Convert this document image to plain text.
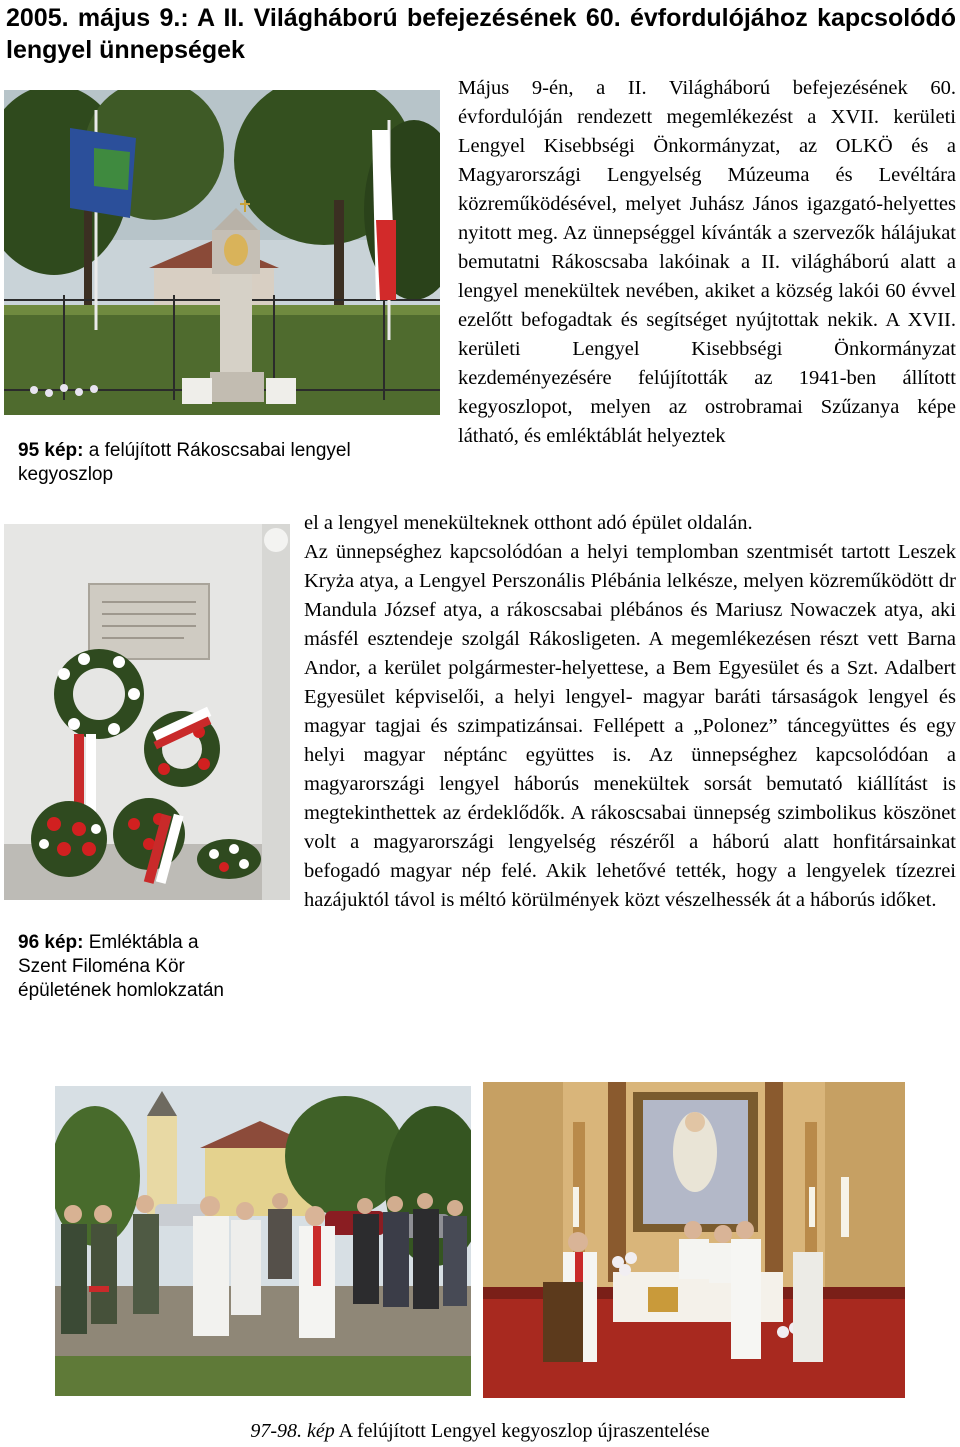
2005. május 9.: A II. Világháború befejezésének 60. évfordulójához kapcsolódó lengyel ünnepségek
95 kép: a felújított Rákoscsabai lengyel kegyoszlop
96 kép: Emléktábla a Szent Filoména Kör épületének homlokzatán

Május 9-én, a II. Világháború befejezésének 60. évfordulóján rendezett megemlékezést a XVII. kerületi Lengyel Kisebbségi Önkormányzat, az OLKÖ és a Magyarországi Lengyelség Múzeuma és Levéltára közreműködésével, melyet Juhász János igazgató-helyettes nyitott meg. Az ünnepséggel kívánták a szervezők hálájukat bemutatni Rákoscsaba lakóinak a II. világháború alatt a lengyel menekültek nevében, akiket a község lakói 60 évvel ezelőtt befogadtak és segítséget nyújtottak nekik. A XVII. kerületi Lengyel Kisebbségi Önkormányzat kezdeményezésére felújították az 1941-ben állított kegyoszlopot, melyen az ostrobramai Szűzanya képe látható, és emléktáblát helyeztek

el a lengyel menekülteknek otthont adó épület oldalán.
Az ünnepséghez kapcsolódóan a helyi templomban szentmisét tartott Leszek Kryża atya, a Lengyel Perszonális Plébánia lelkésze, melyen közreműködött dr Mandula József atya, a rákoscsabai plébános és Mariusz Nowaczek atya, aki másfél esztendeje szolgál Rákosligeten. A megemlékezésen részt vett Barna Andor, a kerület polgármester-helyettese, a Bem Egyesület és a Szt. Adalbert Egyesület képviselői, a helyi lengyel- magyar baráti társaságok lengyel és magyar tagjai és szimpatizánsai. Fellépett a „Polonez” táncegyüttes és egy helyi magyar néptánc együttes is. Az ünnepséghez kapcsolódóan a magyarországi lengyel háborús menekültek sorsát bemutató kiállítást is megtekinthettek az érdeklődők. A rákoscsabai ünnepség szimbolikus köszönet volt a magyarországi lengyelség részéről a háború alatt honfitársainkat befogadó magyar nép felé. Akik lehetővé tették, hogy a lengyelek tízezrei hazájuktól távol is méltó körülmények közt vészelhessék át a háborús időket.
97-98. kép A felújított Lengyel kegyoszlop újraszentelése
